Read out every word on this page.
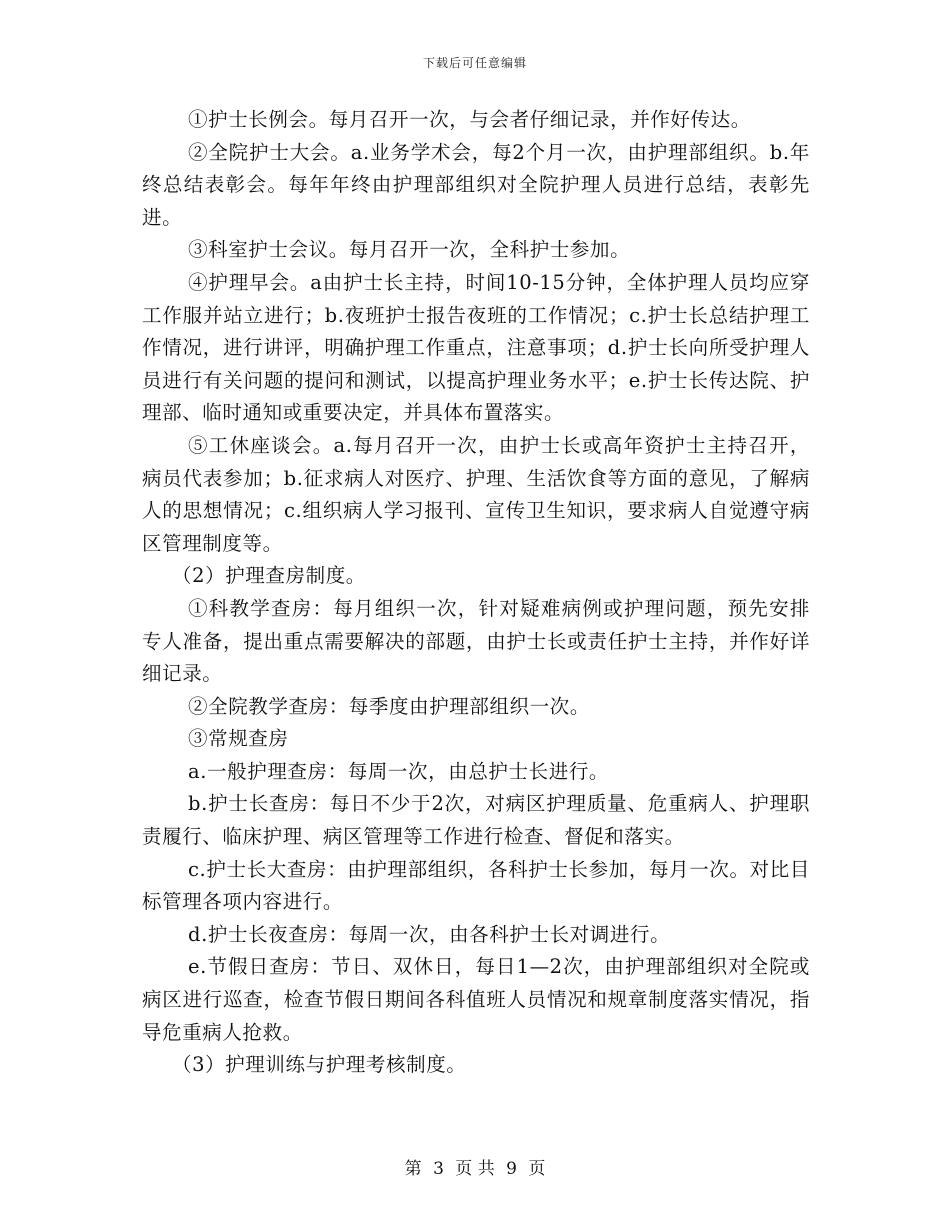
下载后可任意编辑

①护士长例会。每月召开一次，与会者仔细记录，并作好传达。

②全院护士大会。a.业务学术会，每2个月一次，由护理部组织。b.年终总结表彰会。每年年终由护理部组织对全院护理人员进行总结，表彰先进。

③科室护士会议。每月召开一次，全科护士参加。

④护理早会。a由护士长主持，时间10-15分钟，全体护理人员均应穿工作服并站立进行；b.夜班护士报告夜班的工作情况；c.护士长总结护理工作情况，进行讲评，明确护理工作重点，注意事项；d.护士长向所受护理人员进行有关问题的提问和测试，以提高护理业务水平；e.护士长传达院、护理部、临时通知或重要决定，并具体布置落实。

⑤工休座谈会。a.每月召开一次，由护士长或高年资护士主持召开，病员代表参加；b.征求病人对医疗、护理、生活饮食等方面的意见，了解病人的思想情况；c.组织病人学习报刊、宣传卫生知识，要求病人自觉遵守病区管理制度等。

（2）护理查房制度。

①科教学查房：每月组织一次，针对疑难病例或护理问题，预先安排专人准备，提出重点需要解决的部题，由护士长或责任护士主持，并作好详细记录。

②全院教学查房：每季度由护理部组织一次。

③常规查房

a.一般护理查房：每周一次，由总护士长进行。

b.护士长查房：每日不少于2次，对病区护理质量、危重病人、护理职责履行、临床护理、病区管理等工作进行检查、督促和落实。

c.护士长大查房：由护理部组织，各科护士长参加，每月一次。对比目标管理各项内容进行。

d.护士长夜查房：每周一次，由各科护士长对调进行。

e.节假日查房：节日、双休日，每日1—2次，由护理部组织对全院或病区进行巡查，检查节假日期间各科值班人员情况和规章制度落实情况，指导危重病人抢救。

（3）护理训练与护理考核制度。

第 3 页 共 9 页
